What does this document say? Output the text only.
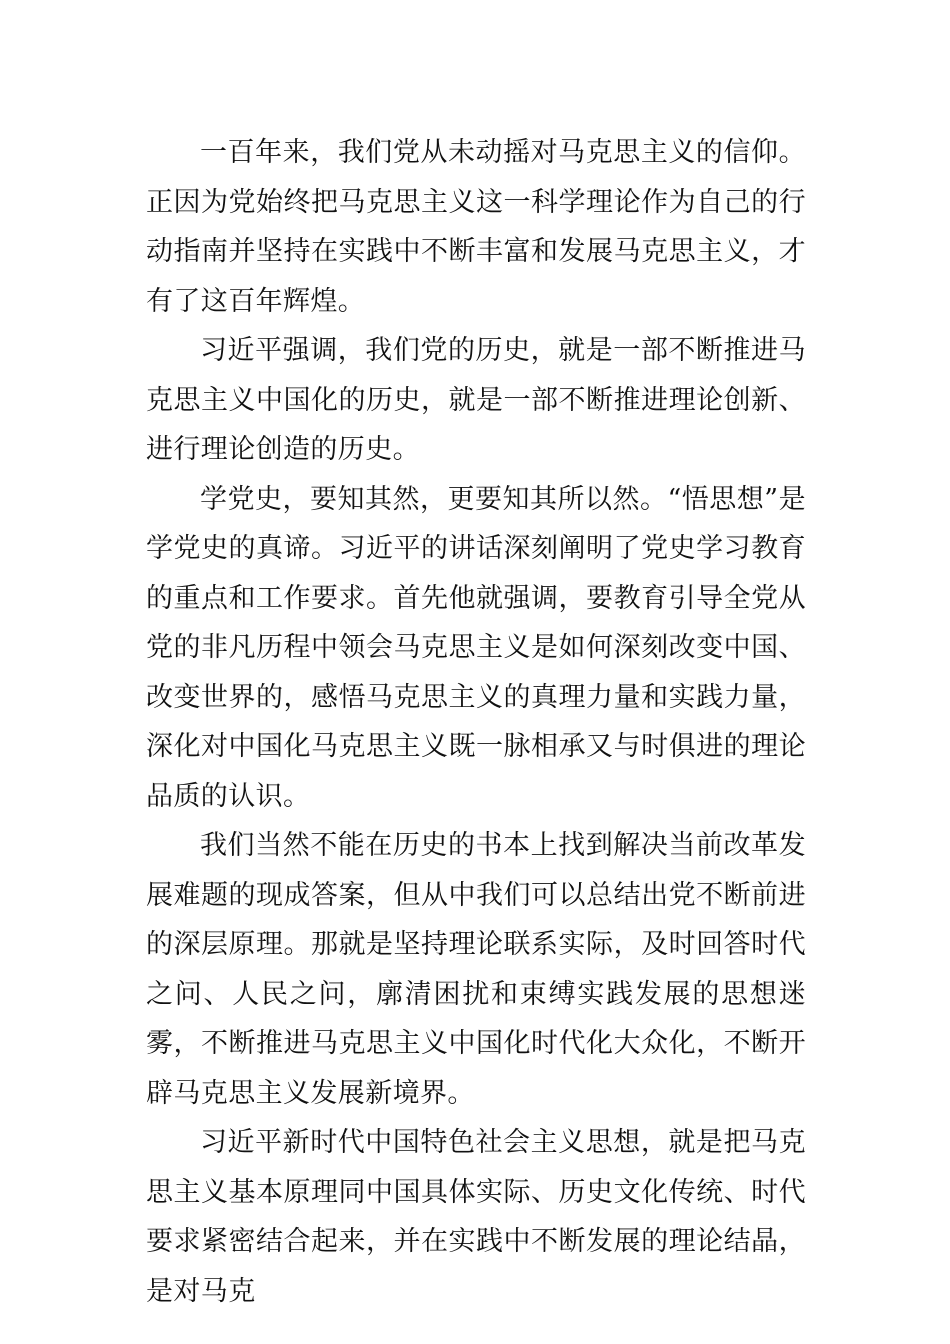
一百年来，我们党从未动摇对马克思主义的信仰。正因为党始终把马克思主义这一科学理论作为自己的行动指南并坚持在实践中不断丰富和发展马克思主义，才有了这百年辉煌。

习近平强调，我们党的历史，就是一部不断推进马克思主义中国化的历史，就是一部不断推进理论创新、进行理论创造的历史。

学党史，要知其然，更要知其所以然。“悟思想”是学党史的真谛。习近平的讲话深刻阐明了党史学习教育的重点和工作要求。首先他就强调，要教育引导全党从党的非凡历程中领会马克思主义是如何深刻改变中国、改变世界的，感悟马克思主义的真理力量和实践力量，深化对中国化马克思主义既一脉相承又与时俱进的理论品质的认识。

我们当然不能在历史的书本上找到解决当前改革发展难题的现成答案，但从中我们可以总结出党不断前进的深层原理。那就是坚持理论联系实际，及时回答时代之问、人民之问，廓清困扰和束缚实践发展的思想迷雾，不断推进马克思主义中国化时代化大众化，不断开辟马克思主义发展新境界。

习近平新时代中国特色社会主义思想，就是把马克思主义基本原理同中国具体实际、历史文化传统、时代要求紧密结合起来，并在实践中不断发展的理论结晶，是对马克
